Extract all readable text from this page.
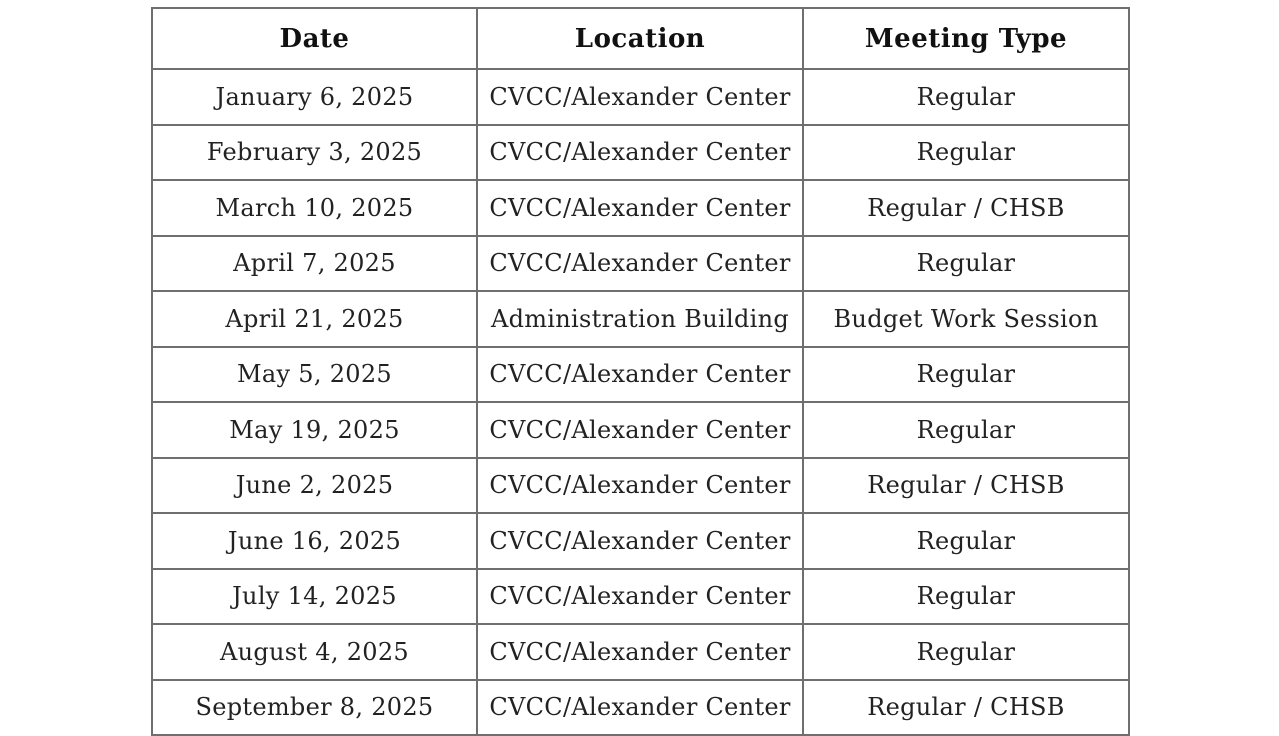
Date	Location	Meeting Type
January 6, 2025	CVCC/Alexander Center	Regular
February 3, 2025	CVCC/Alexander Center	Regular
March 10, 2025	CVCC/Alexander Center	Regular / CHSB
April 7, 2025	CVCC/Alexander Center	Regular
April 21, 2025	Administration Building	Budget Work Session
May 5, 2025	CVCC/Alexander Center	Regular
May 19, 2025	CVCC/Alexander Center	Regular
June 2, 2025	CVCC/Alexander Center	Regular / CHSB
June 16, 2025	CVCC/Alexander Center	Regular
July 14, 2025	CVCC/Alexander Center	Regular
August 4, 2025	CVCC/Alexander Center	Regular
September 8, 2025	CVCC/Alexander Center	Regular / CHSB
